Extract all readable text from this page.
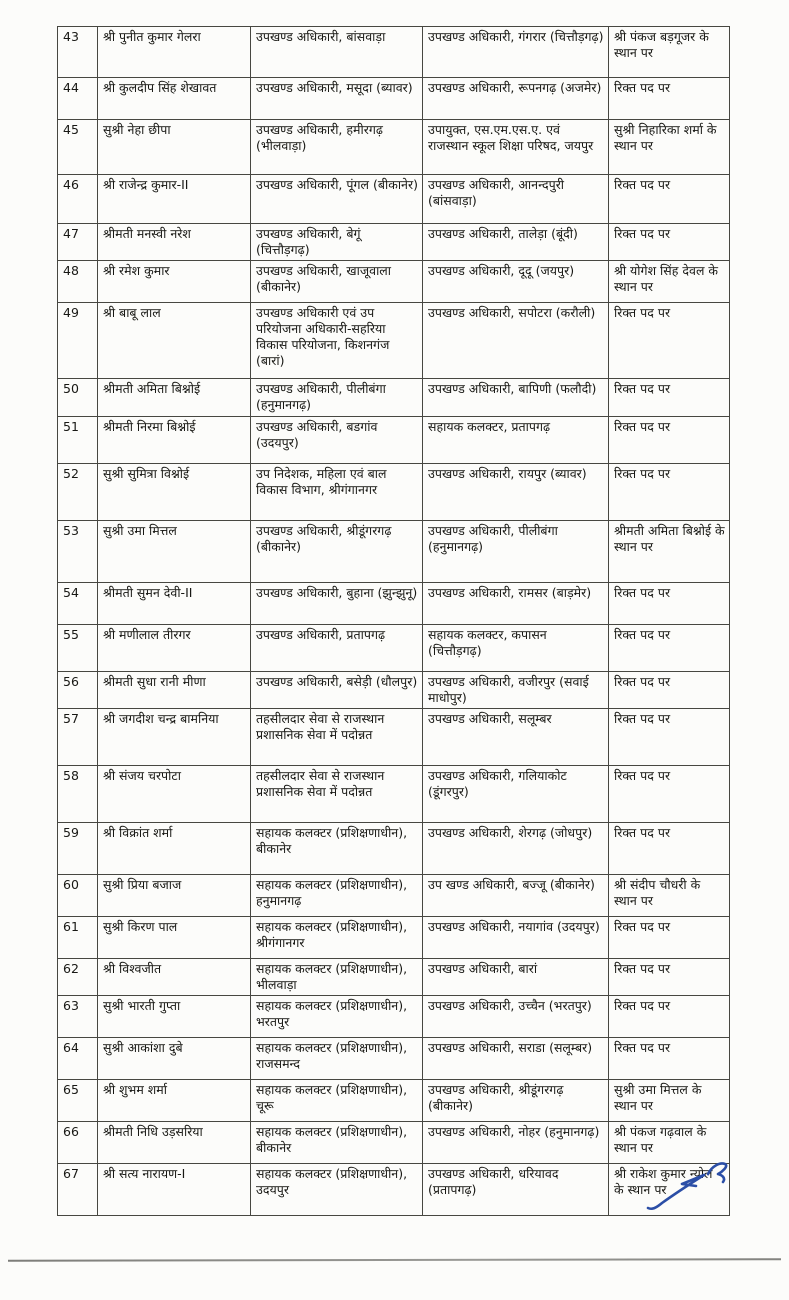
43	श्री पुनीत कुमार गेलरा	उपखण्ड अधिकारी, बांसवाड़ा	उपखण्ड अधिकारी, गंगरार (चित्तौड़गढ़)	श्री पंकज बड़गूजर के स्थान पर
44	श्री कुलदीप सिंह शेखावत	उपखण्ड अधिकारी, मसूदा (ब्यावर)	उपखण्ड अधिकारी, रूपनगढ़ (अजमेर)	रिक्त पद पर
45	सुश्री नेहा छीपा	उपखण्ड अधिकारी, हमीरगढ़ (भीलवाड़ा)	उपायुक्त, एस.एम.एस.ए. एवं राजस्थान स्कूल शिक्षा परिषद, जयपुर	सुश्री निहारिका शर्मा के स्थान पर
46	श्री राजेन्द्र कुमार-II	उपखण्ड अधिकारी, पूंगल (बीकानेर)	उपखण्ड अधिकारी, आनन्दपुरी (बांसवाड़ा)	रिक्त पद पर
47	श्रीमती मनस्वी नरेश	उपखण्ड अधिकारी, बेगूं (चित्तौड़गढ़)	उपखण्ड अधिकारी, तालेड़ा (बूंदी)	रिक्त पद पर
48	श्री रमेश कुमार	उपखण्ड अधिकारी, खाजूवाला (बीकानेर)	उपखण्ड अधिकारी, दूदू (जयपुर)	श्री योगेश सिंह देवल के स्थान पर
49	श्री बाबू लाल	उपखण्ड अधिकारी एवं उप परियोजना अधिकारी-सहरिया विकास परियोजना, किशनगंज (बारां)	उपखण्ड अधिकारी, सपोटरा (करौली)	रिक्त पद पर
50	श्रीमती अमिता बिश्नोई	उपखण्ड अधिकारी, पीलीबंगा (हनुमानगढ़)	उपखण्ड अधिकारी, बापिणी (फलौदी)	रिक्त पद पर
51	श्रीमती निरमा बिश्नोई	उपखण्ड अधिकारी, बडगांव (उदयपुर)	सहायक कलक्टर, प्रतापगढ़	रिक्त पद पर
52	सुश्री सुमित्रा विश्नोई	उप निदेशक, महिला एवं बाल विकास विभाग, श्रीगंगानगर	उपखण्ड अधिकारी, रायपुर (ब्यावर)	रिक्त पद पर
53	सुश्री उमा मित्तल	उपखण्ड अधिकारी, श्रीडूंगरगढ़ (बीकानेर)	उपखण्ड अधिकारी, पीलीबंगा (हनुमानगढ़)	श्रीमती अमिता बिश्नोई के स्थान पर
54	श्रीमती सुमन देवी-II	उपखण्ड अधिकारी, बुहाना (झुन्झुनू)	उपखण्ड अधिकारी, रामसर (बाड़मेर)	रिक्त पद पर
55	श्री मणीलाल तीरगर	उपखण्ड अधिकारी, प्रतापगढ़	सहायक कलक्टर, कपासन (चित्तौड़गढ़)	रिक्त पद पर
56	श्रीमती सुधा रानी मीणा	उपखण्ड अधिकारी, बसेड़ी (धौलपुर)	उपखण्ड अधिकारी, वजीरपुर (सवाई माधोपुर)	रिक्त पद पर
57	श्री जगदीश चन्द्र बामनिया	तहसीलदार सेवा से राजस्थान प्रशासनिक सेवा में पदोन्नत	उपखण्ड अधिकारी, सलूम्बर	रिक्त पद पर
58	श्री संजय चरपोटा	तहसीलदार सेवा से राजस्थान प्रशासनिक सेवा में पदोन्नत	उपखण्ड अधिकारी, गलियाकोट (डूंगरपुर)	रिक्त पद पर
59	श्री विक्रांत शर्मा	सहायक कलक्टर (प्रशिक्षणाधीन), बीकानेर	उपखण्ड अधिकारी, शेरगढ़ (जोधपुर)	रिक्त पद पर
60	सुश्री प्रिया बजाज	सहायक कलक्टर (प्रशिक्षणाधीन), हनुमानगढ़	उप खण्ड अधिकारी, बज्जू (बीकानेर)	श्री संदीप चौधरी के स्थान पर
61	सुश्री किरण पाल	सहायक कलक्टर (प्रशिक्षणाधीन), श्रीगंगानगर	उपखण्ड अधिकारी, नयागांव (उदयपुर)	रिक्त पद पर
62	श्री विश्वजीत	सहायक कलक्टर (प्रशिक्षणाधीन), भीलवाड़ा	उपखण्ड अधिकारी, बारां	रिक्त पद पर
63	सुश्री भारती गुप्ता	सहायक कलक्टर (प्रशिक्षणाधीन), भरतपुर	उपखण्ड अधिकारी, उच्चैन (भरतपुर)	रिक्त पद पर
64	सुश्री आकांशा दुबे	सहायक कलक्टर (प्रशिक्षणाधीन), राजसमन्द	उपखण्ड अधिकारी, सराडा (सलूम्बर)	रिक्त पद पर
65	श्री शुभम शर्मा	सहायक कलक्टर (प्रशिक्षणाधीन), चूरू	उपखण्ड अधिकारी, श्रीडूंगरगढ़ (बीकानेर)	सुश्री उमा मित्तल के स्थान पर
66	श्रीमती निधि उड़सरिया	सहायक कलक्टर (प्रशिक्षणाधीन), बीकानेर	उपखण्ड अधिकारी, नोहर (हनुमानगढ़)	श्री पंकज गढ़वाल के स्थान पर
67	श्री सत्य नारायण-I	सहायक कलक्टर (प्रशिक्षणाधीन), उदयपुर	उपखण्ड अधिकारी, धरियावद (प्रतापगढ़)	श्री राकेश कुमार न्योल के स्थान पर
